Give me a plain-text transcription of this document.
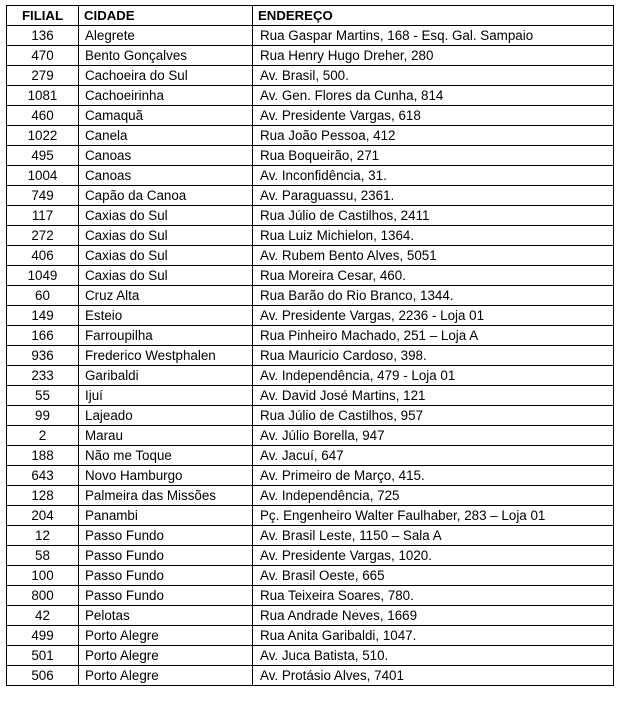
FILIAL	CIDADE	ENDEREÇO
136	Alegrete	Rua Gaspar Martins, 168 - Esq. Gal. Sampaio
470	Bento Gonçalves	Rua Henry Hugo Dreher, 280
279	Cachoeira do Sul	Av. Brasil, 500.
1081	Cachoeirinha	Av. Gen. Flores da Cunha, 814
460	Camaquã	Av. Presidente Vargas, 618
1022	Canela	Rua João Pessoa, 412
495	Canoas	Rua Boqueirão, 271
1004	Canoas	Av. Inconfidência, 31.
749	Capão da Canoa	Av. Paraguassu, 2361.
117	Caxias do Sul	Rua Júlio de Castilhos, 2411
272	Caxias do Sul	Rua Luiz Michielon, 1364.
406	Caxias do Sul	Av. Rubem Bento Alves, 5051
1049	Caxias do Sul	Rua Moreira Cesar, 460.
60	Cruz Alta	Rua Barão do Rio Branco, 1344.
149	Esteio	Av. Presidente Vargas, 2236 - Loja 01
166	Farroupilha	Rua Pinheiro Machado, 251 – Loja A
936	Frederico Westphalen	Rua Mauricio Cardoso, 398.
233	Garibaldi	Av. Independência, 479 - Loja 01
55	Ijuí	Av. David José Martins, 121
99	Lajeado	Rua Júlio de Castilhos, 957
2	Marau	Av. Júlio Borella, 947
188	Não me Toque	Av. Jacuí, 647
643	Novo Hamburgo	Av. Primeiro de Março, 415.
128	Palmeira das Missões	Av. Independência, 725
204	Panambi	Pç. Engenheiro Walter Faulhaber, 283 – Loja 01
12	Passo Fundo	Av. Brasil Leste, 1150 – Sala A
58	Passo Fundo	Av. Presidente Vargas, 1020.
100	Passo Fundo	Av. Brasil Oeste, 665
800	Passo Fundo	Rua Teixeira Soares, 780.
42	Pelotas	Rua Andrade Neves, 1669
499	Porto Alegre	Rua Anita Garibaldi, 1047.
501	Porto Alegre	Av. Juca Batista, 510.
506	Porto Alegre	Av. Protásio Alves, 7401
